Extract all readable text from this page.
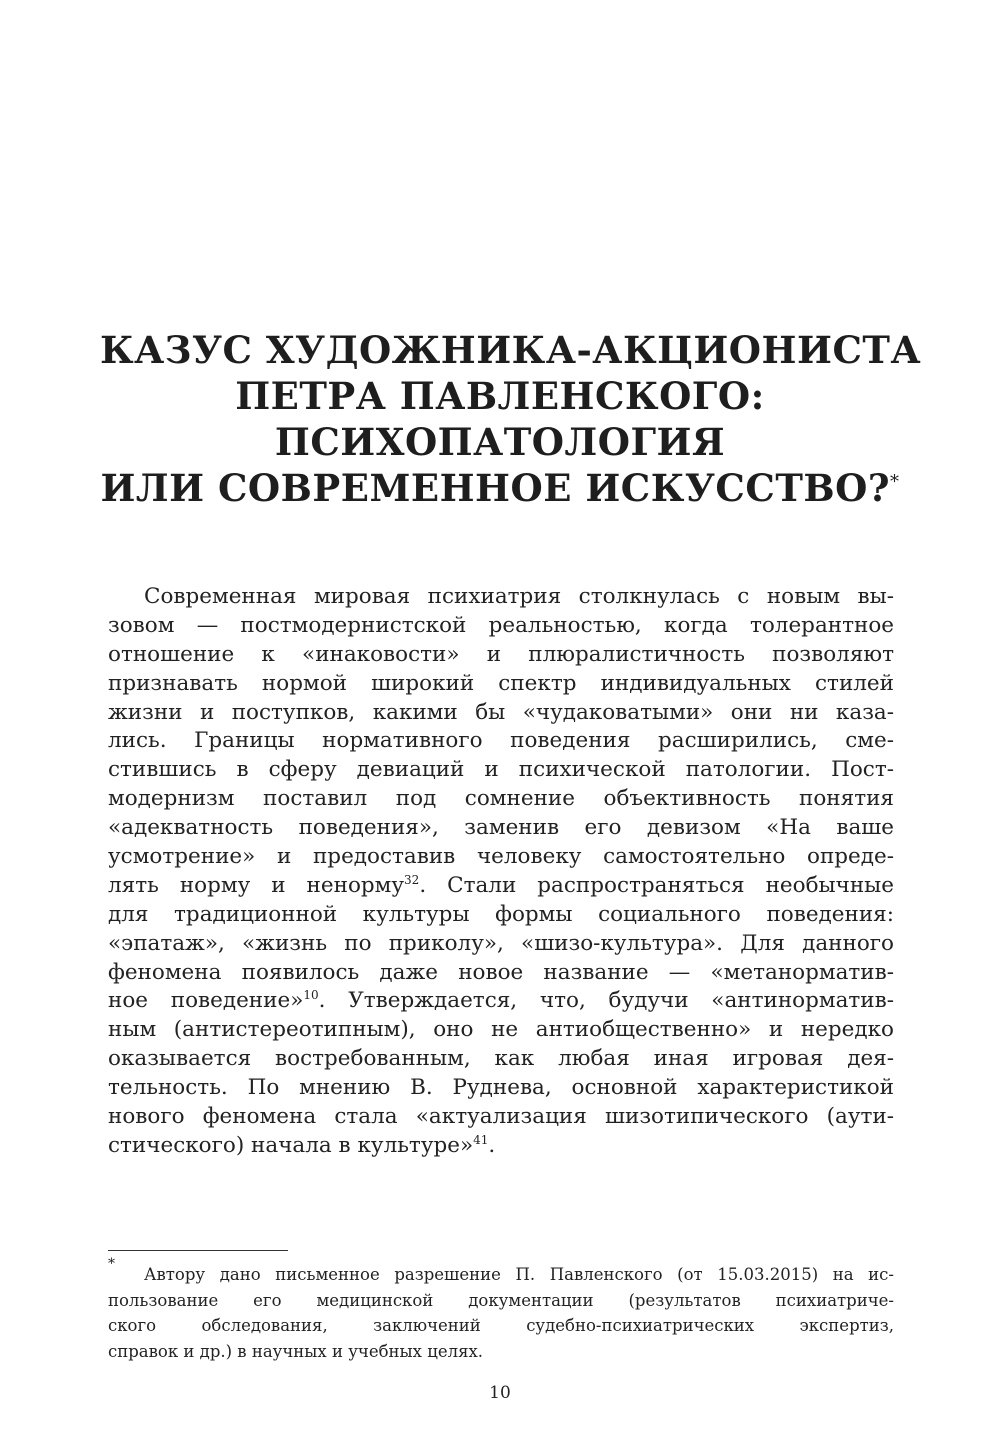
КАЗУС ХУДОЖНИКА-АКЦИОНИСТА
ПЕТРА ПАВЛЕНСКОГО:
ПСИХОПАТОЛОГИЯ
ИЛИ СОВРЕМЕННОЕ ИСКУССТВО?*
Современная мировая психиатрия столкнулась с новым вы-
зовом — постмодернистской реальностью, когда толерантное
отношение к «инаковости» и плюралистичность позволяют
признавать нормой широкий спектр индивидуальных стилей
жизни и поступков, какими бы «чудаковатыми» они ни каза-
лись. Границы нормативного поведения расширились, сме-
стившись в сферу девиаций и психической патологии. Пост-
модернизм поставил под сомнение объективность понятия
«адекватность поведения», заменив его девизом «На ваше
усмотрение» и предоставив человеку самостоятельно опреде-
лять норму и ненорму$^{32}$. Стали распространяться необычные
для традиционной культуры формы социального поведения:
«эпатаж», «жизнь по приколу», «шизо-культура». Для данного
феномена появилось даже новое название — «метанорматив-
ное поведение»$^{10}$. Утверждается, что, будучи «антинорматив-
ным (антистереотипным), оно не антиобщественно» и нередко
оказывается востребованным, как любая иная игровая дея-
тельность. По мнению В. Руднева, основной характеристикой
нового феномена стала «актуализация шизотипического (аути-
стического) начала в культуре»$^{41}$.
*
Автору дано письменное разрешение П. Павленского (от 15.03.2015) на ис-
пользование его медицинской документации (результатов психиатриче-
ского обследования, заключений судебно-психиатрических экспертиз,
справок и др.) в научных и учебных целях.
10
